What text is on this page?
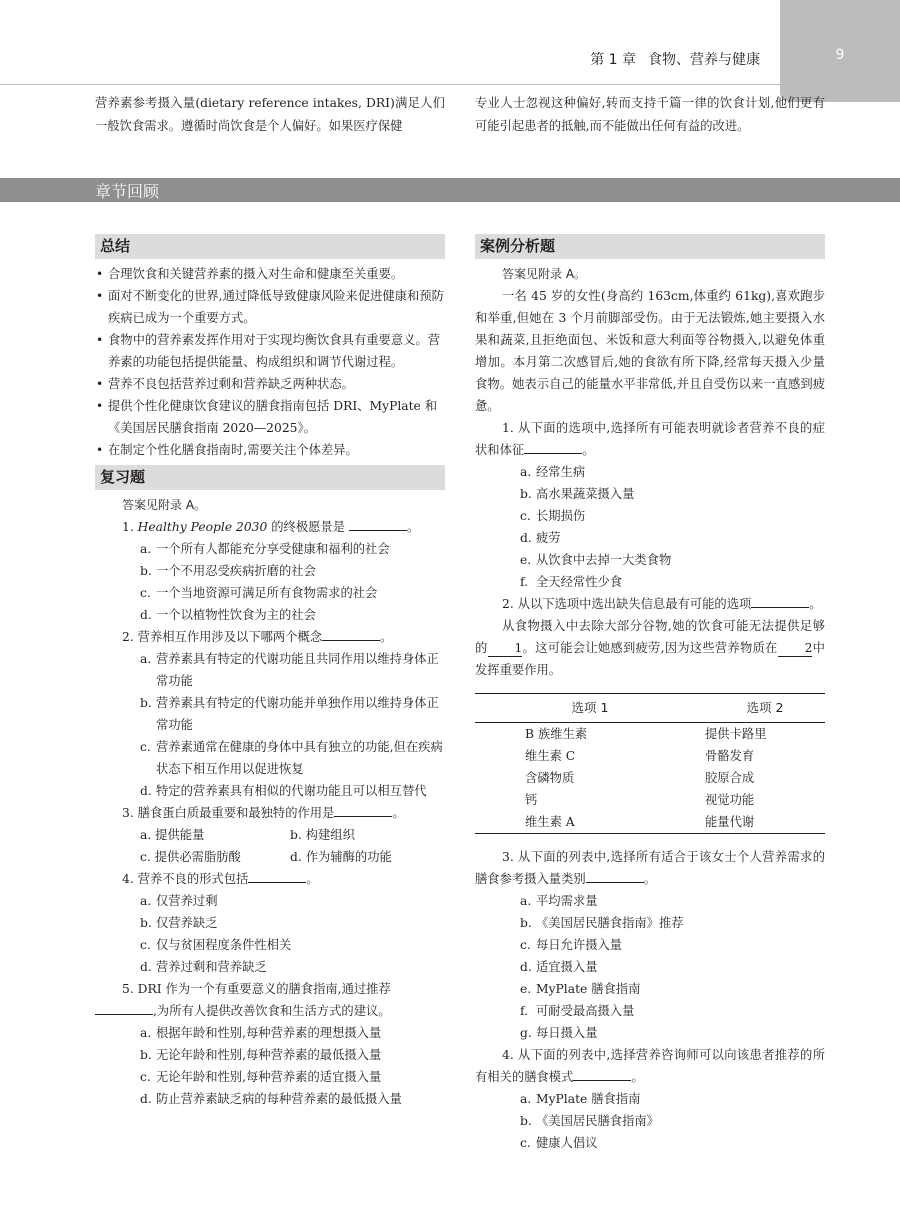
第 1 章 食物、营养与健康	9
营养素参考摄入量(dietary reference intakes, DRI)满足人们一般饮食需求。遵循时尚饮食是个人偏好。如果医疗保健
专业人士忽视这种偏好,转而支持千篇一律的饮食计划,他们更有可能引起患者的抵触,而不能做出任何有益的改进。
章节回顾
总结
• 合理饮食和关键营养素的摄入对生命和健康至关重要。
• 面对不断变化的世界,通过降低导致健康风险来促进健康和预防疾病已成为一个重要方式。
• 食物中的营养素发挥作用对于实现均衡饮食具有重要意义。营养素的功能包括提供能量、构成组织和调节代谢过程。
• 营养不良包括营养过剩和营养缺乏两种状态。
• 提供个性化健康饮食建议的膳食指南包括 DRI、MyPlate 和《美国居民膳食指南 2020—2025》。
• 在制定个性化膳食指南时,需要关注个体差异。
复习题
答案见附录 A。
1. Healthy People 2030 的终极愿景是	。
a. 一个所有人都能充分享受健康和福利的社会
b. 一个不用忍受疾病折磨的社会
c. 一个当地资源可满足所有食物需求的社会
d. 一个以植物性饮食为主的社会
2. 营养相互作用涉及以下哪两个概念	。
a. 营养素具有特定的代谢功能且共同作用以维持身体正常功能
b. 营养素具有特定的代谢功能并单独作用以维持身体正常功能
c. 营养素通常在健康的身体中具有独立的功能,但在疾病状态下相互作用以促进恢复
d. 特定的营养素具有相似的代谢功能且可以相互替代
3. 膳食蛋白质最重要和最独特的作用是	。
a. 提供能量	b. 构建组织
c. 提供必需脂肪酸	d. 作为辅酶的功能
4. 营养不良的形式包括	。
a. 仅营养过剩
b. 仅营养缺乏
c. 仅与贫困程度条件性相关
d. 营养过剩和营养缺乏
5. DRI 作为一个有重要意义的膳食指南,通过推荐
,为所有人提供改善饮食和生活方式的建议。
a. 根据年龄和性别,每种营养素的理想摄入量
b. 无论年龄和性别,每种营养素的最低摄入量
c. 无论年龄和性别,每种营养素的适宜摄入量
d. 防止营养素缺乏病的每种营养素的最低摄入量
案例分析题
答案见附录 A。
一名 45 岁的女性(身高约 163cm,体重约 61kg),喜欢跑步和举重,但她在 3 个月前脚部受伤。由于无法锻炼,她主要摄入水果和蔬菜,且拒绝面包、米饭和意大利面等谷物摄入,以避免体重增加。本月第二次感冒后,她的食欲有所下降,经常每天摄入少量食物。她表示自己的能量水平非常低,并且自受伤以来一直感到疲惫。
1. 从下面的选项中,选择所有可能表明就诊者营养不良的症状和体征	。
a. 经常生病
b. 高水果蔬菜摄入量
c. 长期损伤
d. 疲劳
e. 从饮食中去掉一大类食物
f. 全天经常性少食
2. 从以下选项中选出缺失信息最有可能的选项	。
从食物摄入中去除大部分谷物,她的饮食可能无法提供足够的 1。这可能会让她感到疲劳,因为这些营养物质在 2中发挥重要作用。
选项 1	选项 2
B 族维生素	提供卡路里
维生素 C	骨骼发育
含磷物质	胶原合成
钙	视觉功能
维生素 A	能量代谢
3. 从下面的列表中,选择所有适合于该女士个人营养需求的膳食参考摄入量类别	。
a. 平均需求量
b. 《美国居民膳食指南》推荐
c. 每日允许摄入量
d. 适宜摄入量
e. MyPlate 膳食指南
f. 可耐受最高摄入量
g. 每日摄入量
4. 从下面的列表中,选择营养咨询师可以向该患者推荐的所有相关的膳食模式	。
a. MyPlate 膳食指南
b. 《美国居民膳食指南》
c. 健康人倡议
